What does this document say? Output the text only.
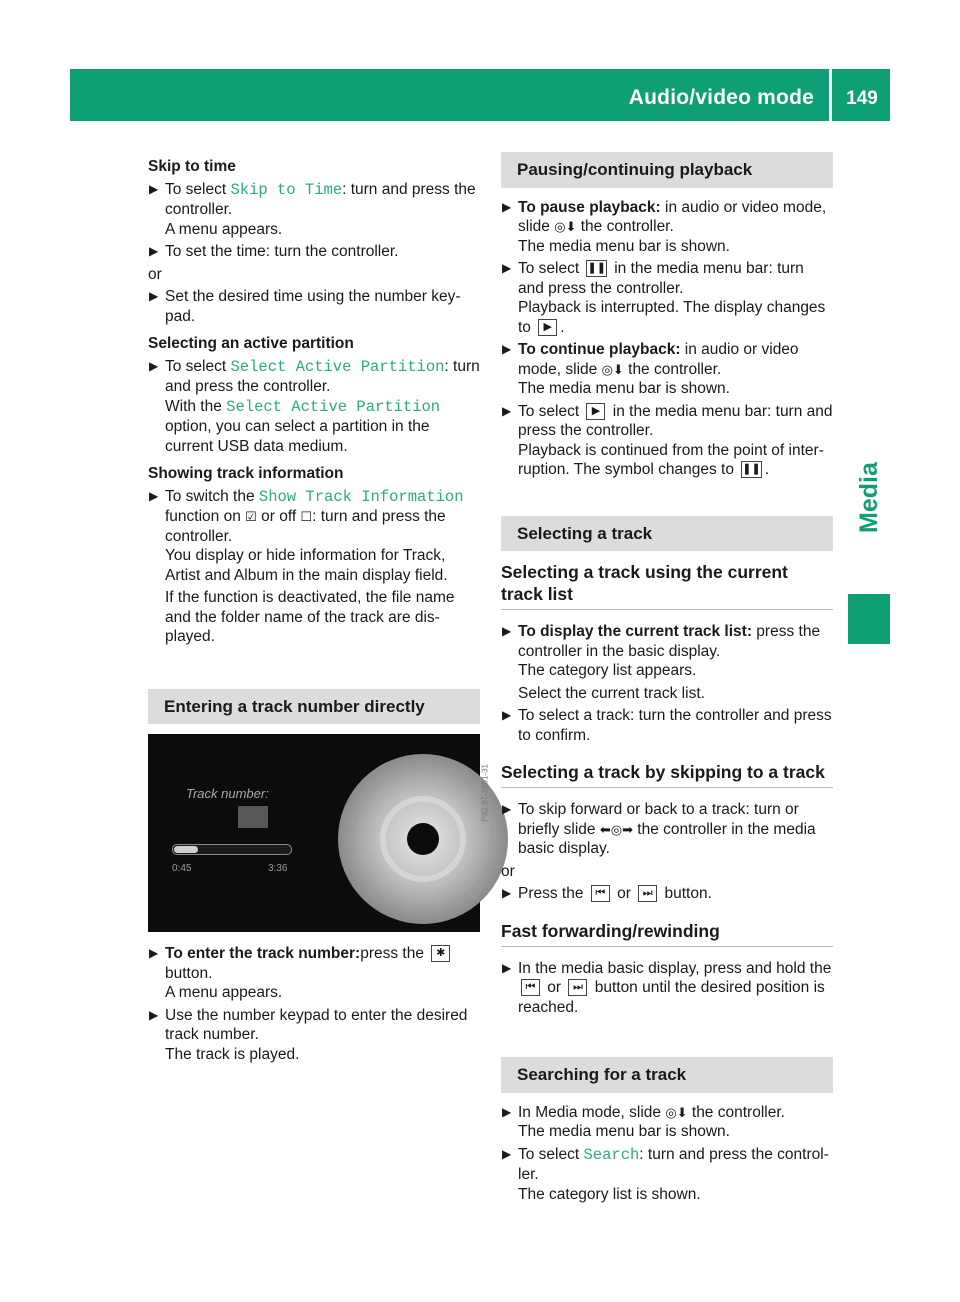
Audio/video mode	149
Media
Skip to time
▶ To select Skip to Time: turn and press the controller.
A menu appears.
▶ To set the time: turn the controller.
or
▶ Set the desired time using the number key-pad.
Selecting an active partition
▶ To select Select Active Partition: turn and press the controller.
With the Select Active Partition option, you can select a partition in the current USB data medium.
Showing track information
▶ To switch the Show Track Information
function on ☑ or off ☐: turn and press the controller.
You display or hide information for Track, Artist and Album in the main display field.
If the function is deactivated, the file name and the folder name of the track are dis-played.
Entering a track number directly
Track number:
0:45	3:36
P82.87-1681-31
▶ To enter the track number:press the ✱ button.
A menu appears.
▶ Use the number keypad to enter the desired track number.
The track is played.
Pausing/continuing playback
▶ To pause playback: in audio or video mode, slide ◎⬇ the controller.
The media menu bar is shown.
▶ To select ❚❚ in the media menu bar: turn and press the controller.
Playback is interrupted. The display changes to ▶ .
▶ To continue playback: in audio or video mode, slide ◎⬇ the controller.
The media menu bar is shown.
▶ To select ▶ in the media menu bar: turn and press the controller.
Playback is continued from the point of inter-ruption. The symbol changes to ❚❚ .
Selecting a track
Selecting a track using the current track list
▶ To display the current track list: press the controller in the basic display.
The category list appears.
Select the current track list.
▶ To select a track: turn the controller and press to confirm.
Selecting a track by skipping to a track
▶ To skip forward or back to a track: turn or briefly slide ⬅◎➡ the controller in the media basic display.
or
▶ Press the ⏮ or ⏭ button.
Fast forwarding/rewinding
▶ In the media basic display, press and hold the ⏮ or ⏭ button until the desired position is reached.
Searching for a track
▶ In Media mode, slide ◎⬇ the controller.
The media menu bar is shown.
▶ To select Search: turn and press the control-ler.
The category list is shown.
